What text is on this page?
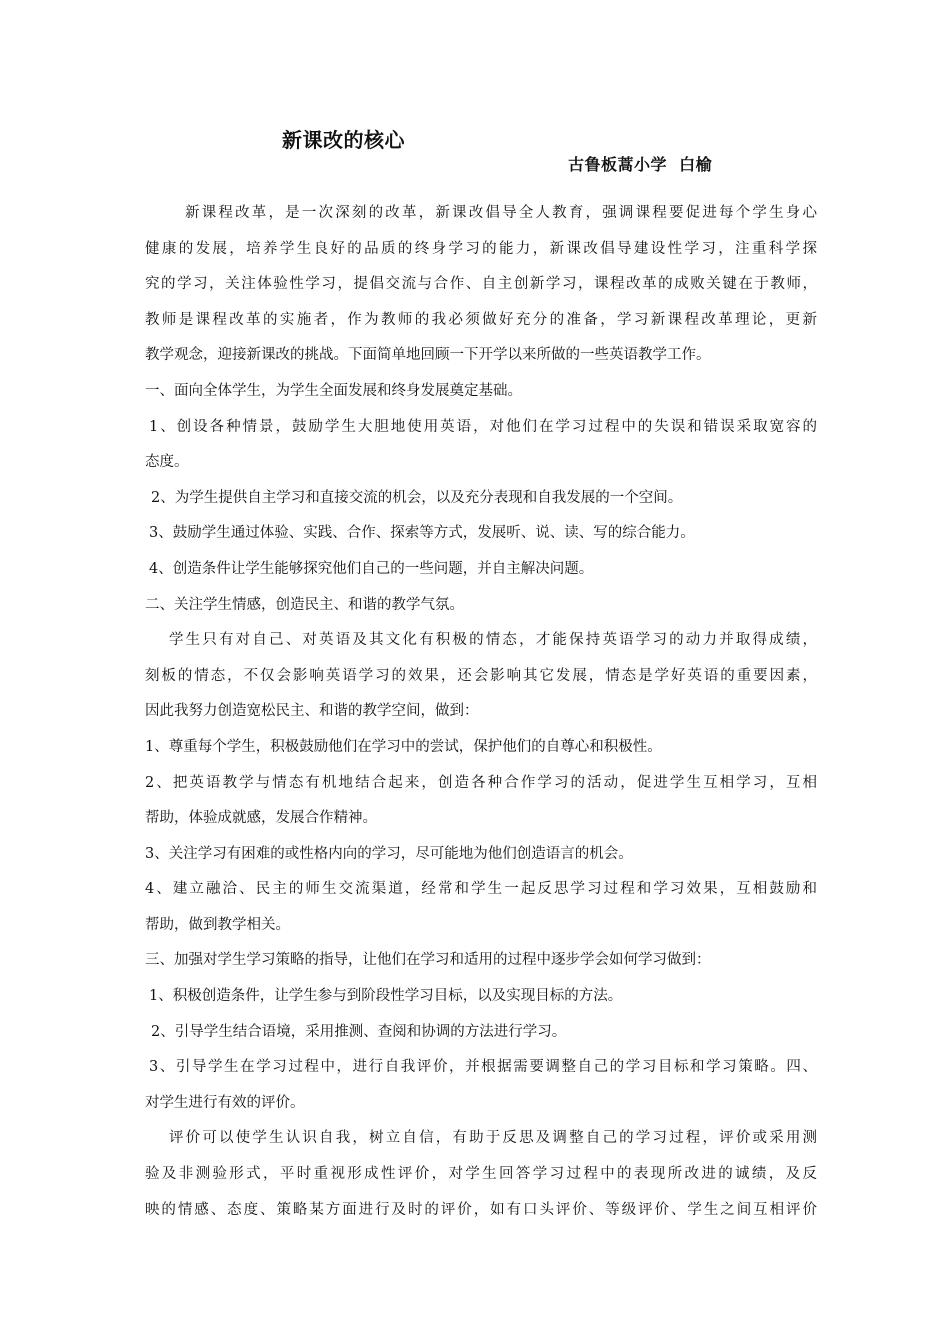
新课改的核心
古鲁板蒿小学  白榆
新课程改革，是一次深刻的改革，新课改倡导全人教育，强调课程要促进每个学生身心
健康的发展，培养学生良好的品质的终身学习的能力，新课改倡导建设性学习，注重科学探
究的学习，关注体验性学习，提倡交流与合作、自主创新学习，课程改革的成败关键在于教师，
教师是课程改革的实施者，作为教师的我必须做好充分的准备，学习新课程改革理论，更新
教学观念，迎接新课改的挑战。下面简单地回顾一下开学以来所做的一些英语教学工作。
一、面向全体学生，为学生全面发展和终身发展奠定基础。
1、创设各种情景，鼓励学生大胆地使用英语，对他们在学习过程中的失误和错误采取宽容的
态度。
2、为学生提供自主学习和直接交流的机会，以及充分表现和自我发展的一个空间。
3、鼓励学生通过体验、实践、合作、探索等方式，发展听、说、读、写的综合能力。
4、创造条件让学生能够探究他们自己的一些问题，并自主解决问题。
二、关注学生情感，创造民主、和谐的教学气氛。
学生只有对自己、对英语及其文化有积极的情态，才能保持英语学习的动力并取得成绩，
刻板的情态，不仅会影响英语学习的效果，还会影响其它发展，情态是学好英语的重要因素，
因此我努力创造宽松民主、和谐的教学空间，做到：
1、尊重每个学生，积极鼓励他们在学习中的尝试，保护他们的自尊心和积极性。
2、把英语教学与情态有机地结合起来，创造各种合作学习的活动，促进学生互相学习，互相
帮助，体验成就感，发展合作精神。
3、关注学习有困难的或性格内向的学习，尽可能地为他们创造语言的机会。
4、建立融洽、民主的师生交流渠道，经常和学生一起反思学习过程和学习效果，互相鼓励和
帮助，做到教学相关。
三、加强对学生学习策略的指导，让他们在学习和适用的过程中逐步学会如何学习做到：
1、积极创造条件，让学生参与到阶段性学习目标，以及实现目标的方法。
2、引导学生结合语境，采用推测、查阅和协调的方法进行学习。
3、引导学生在学习过程中，进行自我评价，并根据需要调整自己的学习目标和学习策略。四、
对学生进行有效的评价。
评价可以使学生认识自我，树立自信，有助于反思及调整自己的学习过程，评价或采用测
验及非测验形式，平时重视形成性评价，对学生回答学习过程中的表现所改进的诚绩，及反
映的情感、态度、策略某方面进行及时的评价，如有口头评价、等级评价、学生之间互相评价
